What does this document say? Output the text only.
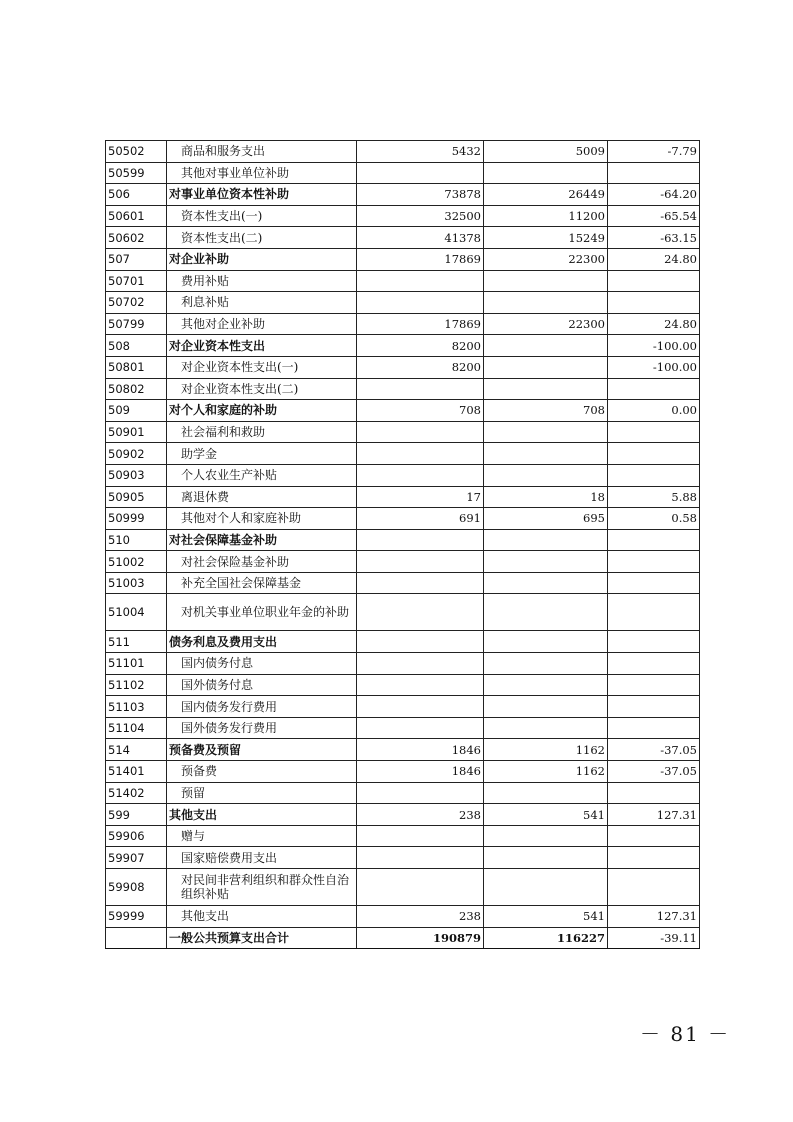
50502	商品和服务支出	5432	5009	-7.79
50599	其他对事业单位补助			
506	对事业单位资本性补助	73878	26449	-64.20
50601	资本性支出(一)	32500	11200	-65.54
50602	资本性支出(二)	41378	15249	-63.15
507	对企业补助	17869	22300	24.80
50701	费用补贴			
50702	利息补贴			
50799	其他对企业补助	17869	22300	24.80
508	对企业资本性支出	8200		-100.00
50801	对企业资本性支出(一)	8200		-100.00
50802	对企业资本性支出(二)			
509	对个人和家庭的补助	708	708	0.00
50901	社会福利和救助			
50902	助学金			
50903	个人农业生产补贴			
50905	离退休费	17	18	5.88
50999	其他对个人和家庭补助	691	695	0.58
510	对社会保障基金补助			
51002	对社会保险基金补助			
51003	补充全国社会保障基金			
51004	对机关事业单位职业年金的补助			
511	债务利息及费用支出			
51101	国内债务付息			
51102	国外债务付息			
51103	国内债务发行费用			
51104	国外债务发行费用			
514	预备费及预留	1846	1162	-37.05
51401	预备费	1846	1162	-37.05
51402	预留			
599	其他支出	238	541	127.31
59906	赠与			
59907	国家赔偿费用支出			
59908	对民间非营利组织和群众性自治组织补贴			
59999	其他支出	238	541	127.31
	一般公共预算支出合计	190879	116227	-39.11
－ 81 －
